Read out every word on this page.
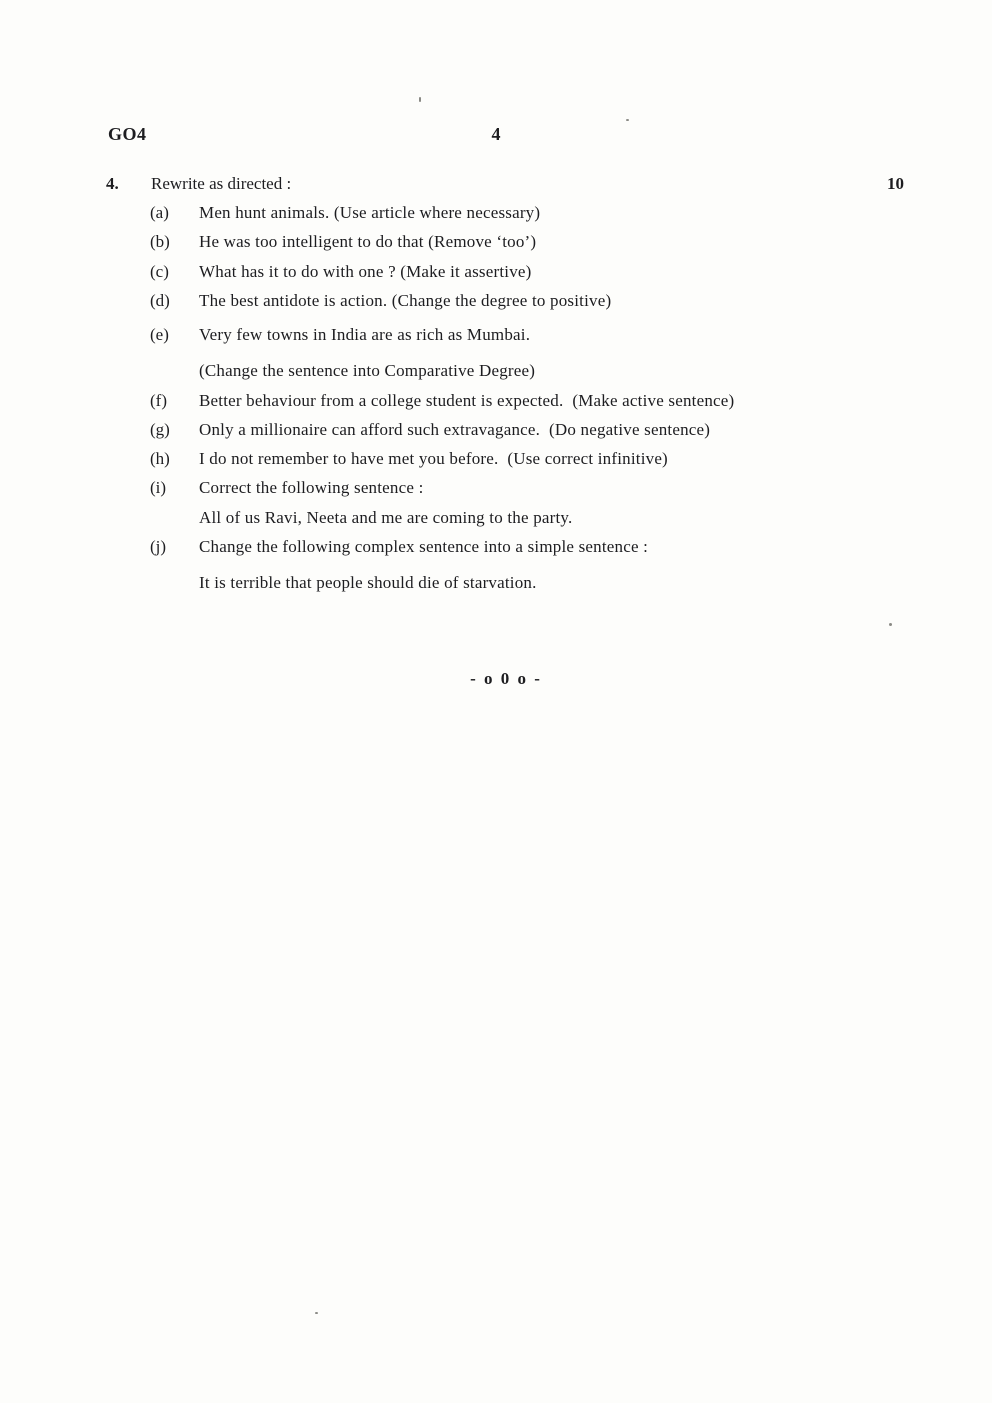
GO4	4
4.	Rewrite as directed :	10
(a)	Men hunt animals. (Use article where necessary)
(b)	He was too intelligent to do that (Remove ‘too’)
(c)	What has it to do with one ? (Make it assertive)
(d)	The best antidote is action. (Change the degree to positive)
(e)	Very few towns in India are as rich as Mumbai.
(Change the sentence into Comparative Degree)
(f)	Better behaviour from a college student is expected.  (Make active sentence)
(g)	Only a millionaire can afford such extravagance.  (Do negative sentence)
(h)	I do not remember to have met you before.  (Use correct infinitive)
(i)	Correct the following sentence :
All of us Ravi, Neeta and me are coming to the party.
(j)	Change the following complex sentence into a simple sentence :
It is terrible that people should die of starvation.
- o 0 o -
